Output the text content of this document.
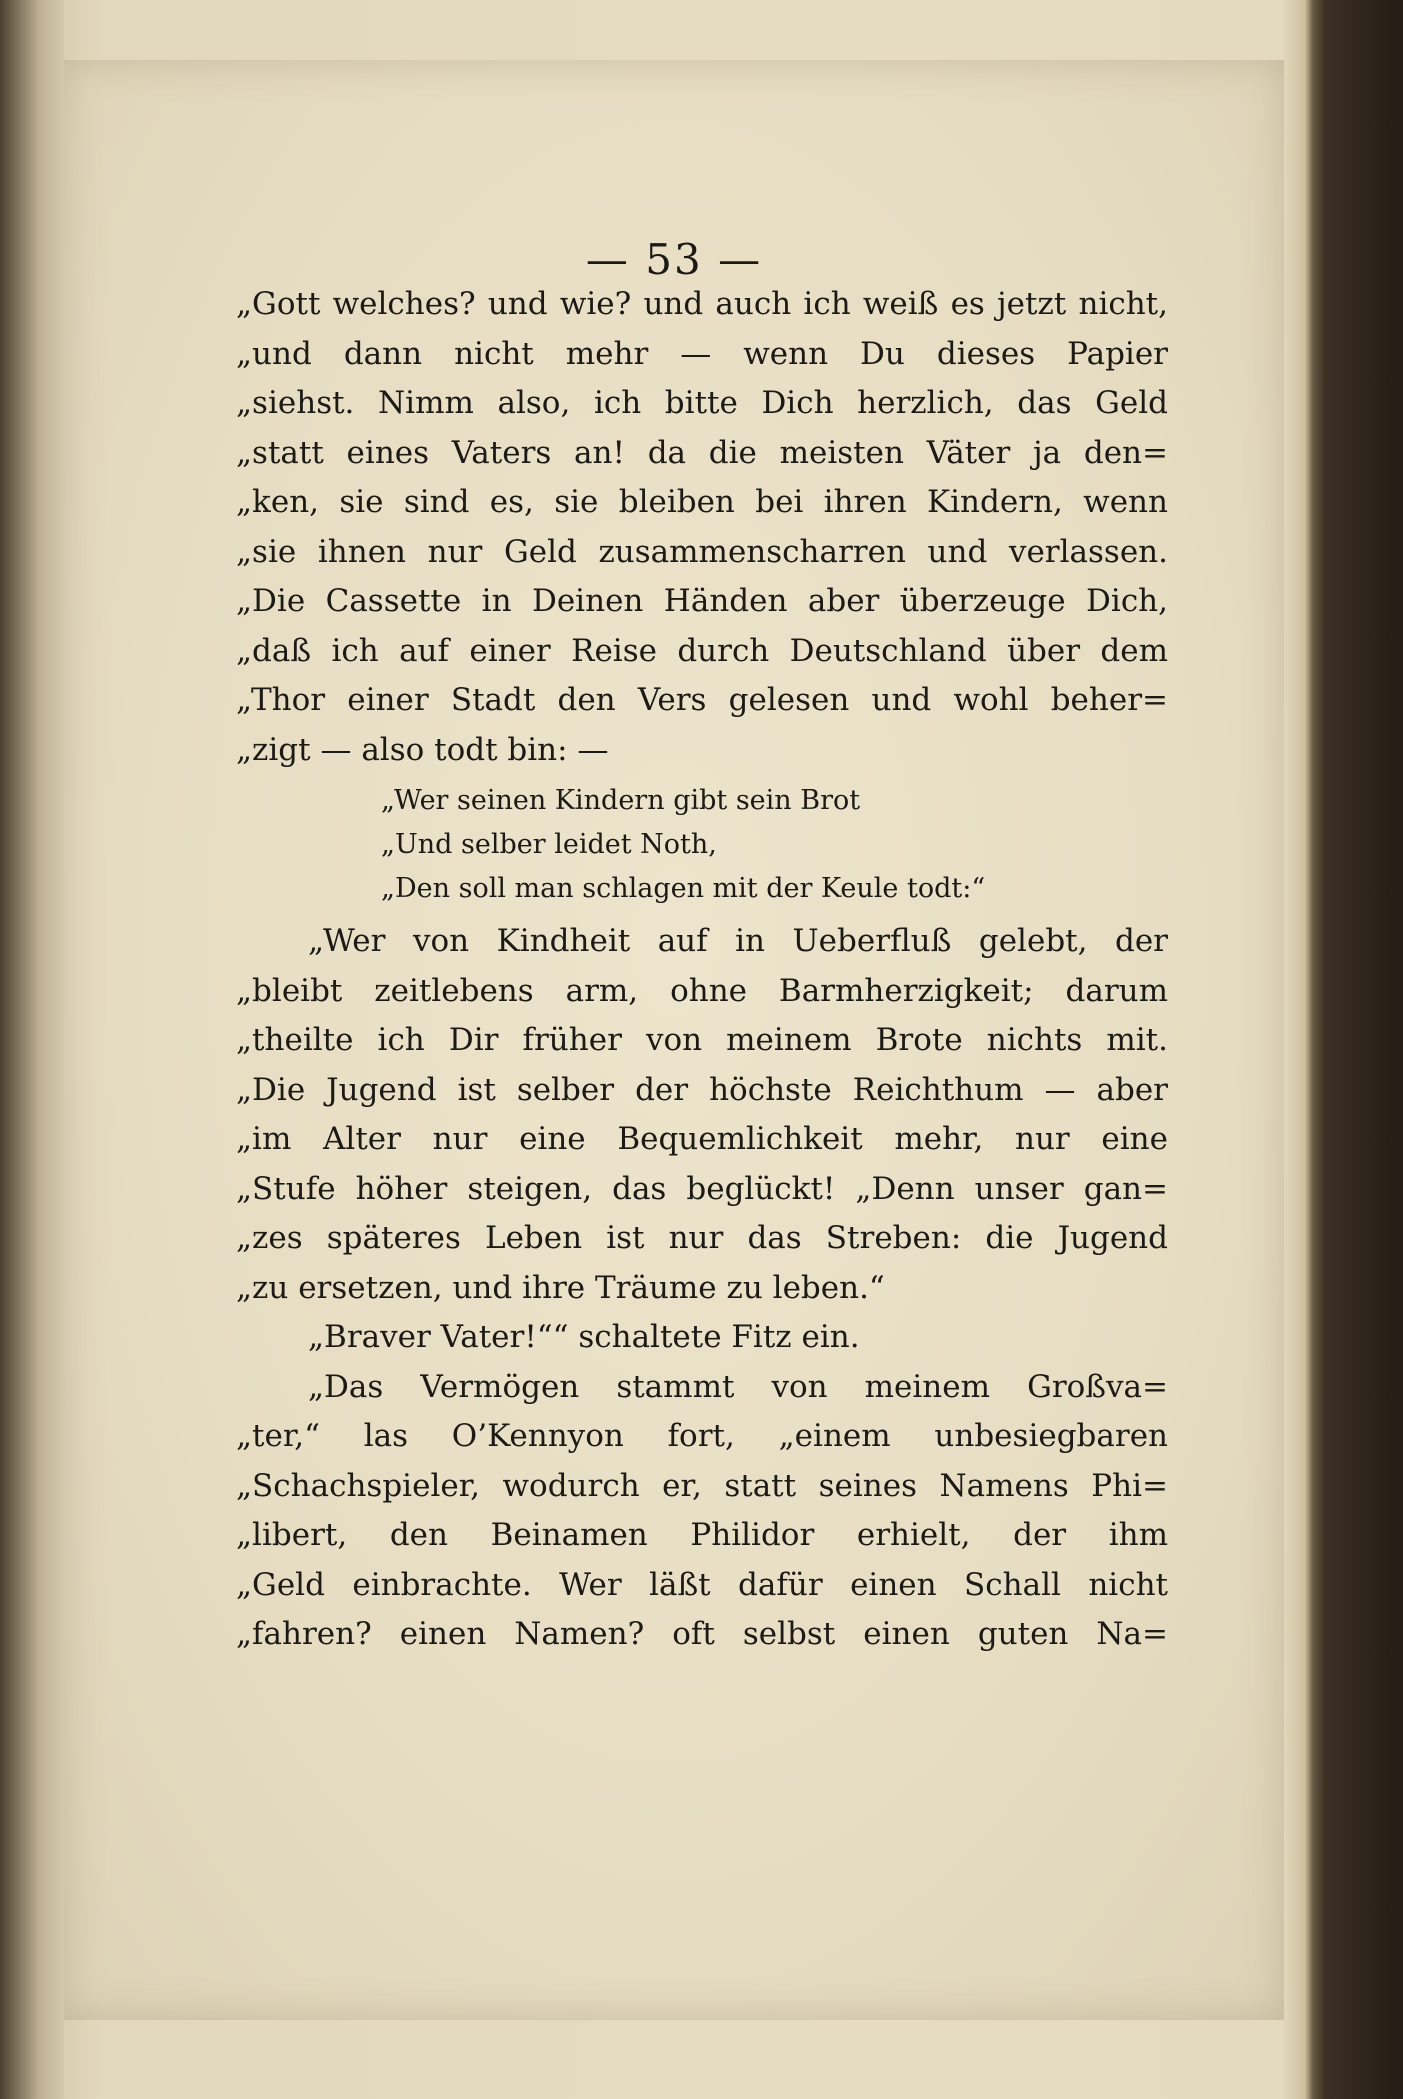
— 53 —
„Gott welches? und wie? und auch ich weiß es jetzt nicht,
„und dann nicht mehr — wenn Du dieses Papier
„siehst. Nimm also, ich bitte Dich herzlich, das Geld
„statt eines Vaters an! da die meisten Väter ja den=
„ken, sie sind es, sie bleiben bei ihren Kindern, wenn
„sie ihnen nur Geld zusammenscharren und verlassen.
„Die Cassette in Deinen Händen aber überzeuge Dich,
„daß ich auf einer Reise durch Deutschland über dem
„Thor einer Stadt den Vers gelesen und wohl beher=
„zigt — also todt bin: —
„Wer seinen Kindern gibt sein Brot
„Und selber leidet Noth,
„Den soll man schlagen mit der Keule todt:“
„Wer von Kindheit auf in Ueberfluß gelebt, der
„bleibt zeitlebens arm, ohne Barmherzigkeit; darum
„theilte ich Dir früher von meinem Brote nichts mit.
„Die Jugend ist selber der höchste Reichthum — aber
„im Alter nur eine Bequemlichkeit mehr, nur eine
„Stufe höher steigen, das beglückt! „Denn unser gan=
„zes späteres Leben ist nur das Streben: die Jugend
„zu ersetzen, und ihre Träume zu leben.“
„Braver Vater!““ schaltete Fitz ein.
„Das Vermögen stammt von meinem Großva=
„ter,“ las O’Kennyon fort, „einem unbesiegbaren
„Schachspieler, wodurch er, statt seines Namens Phi=
„libert, den Beinamen Philidor erhielt, der ihm
„Geld einbrachte. Wer läßt dafür einen Schall nicht
„fahren? einen Namen? oft selbst einen guten Na=
